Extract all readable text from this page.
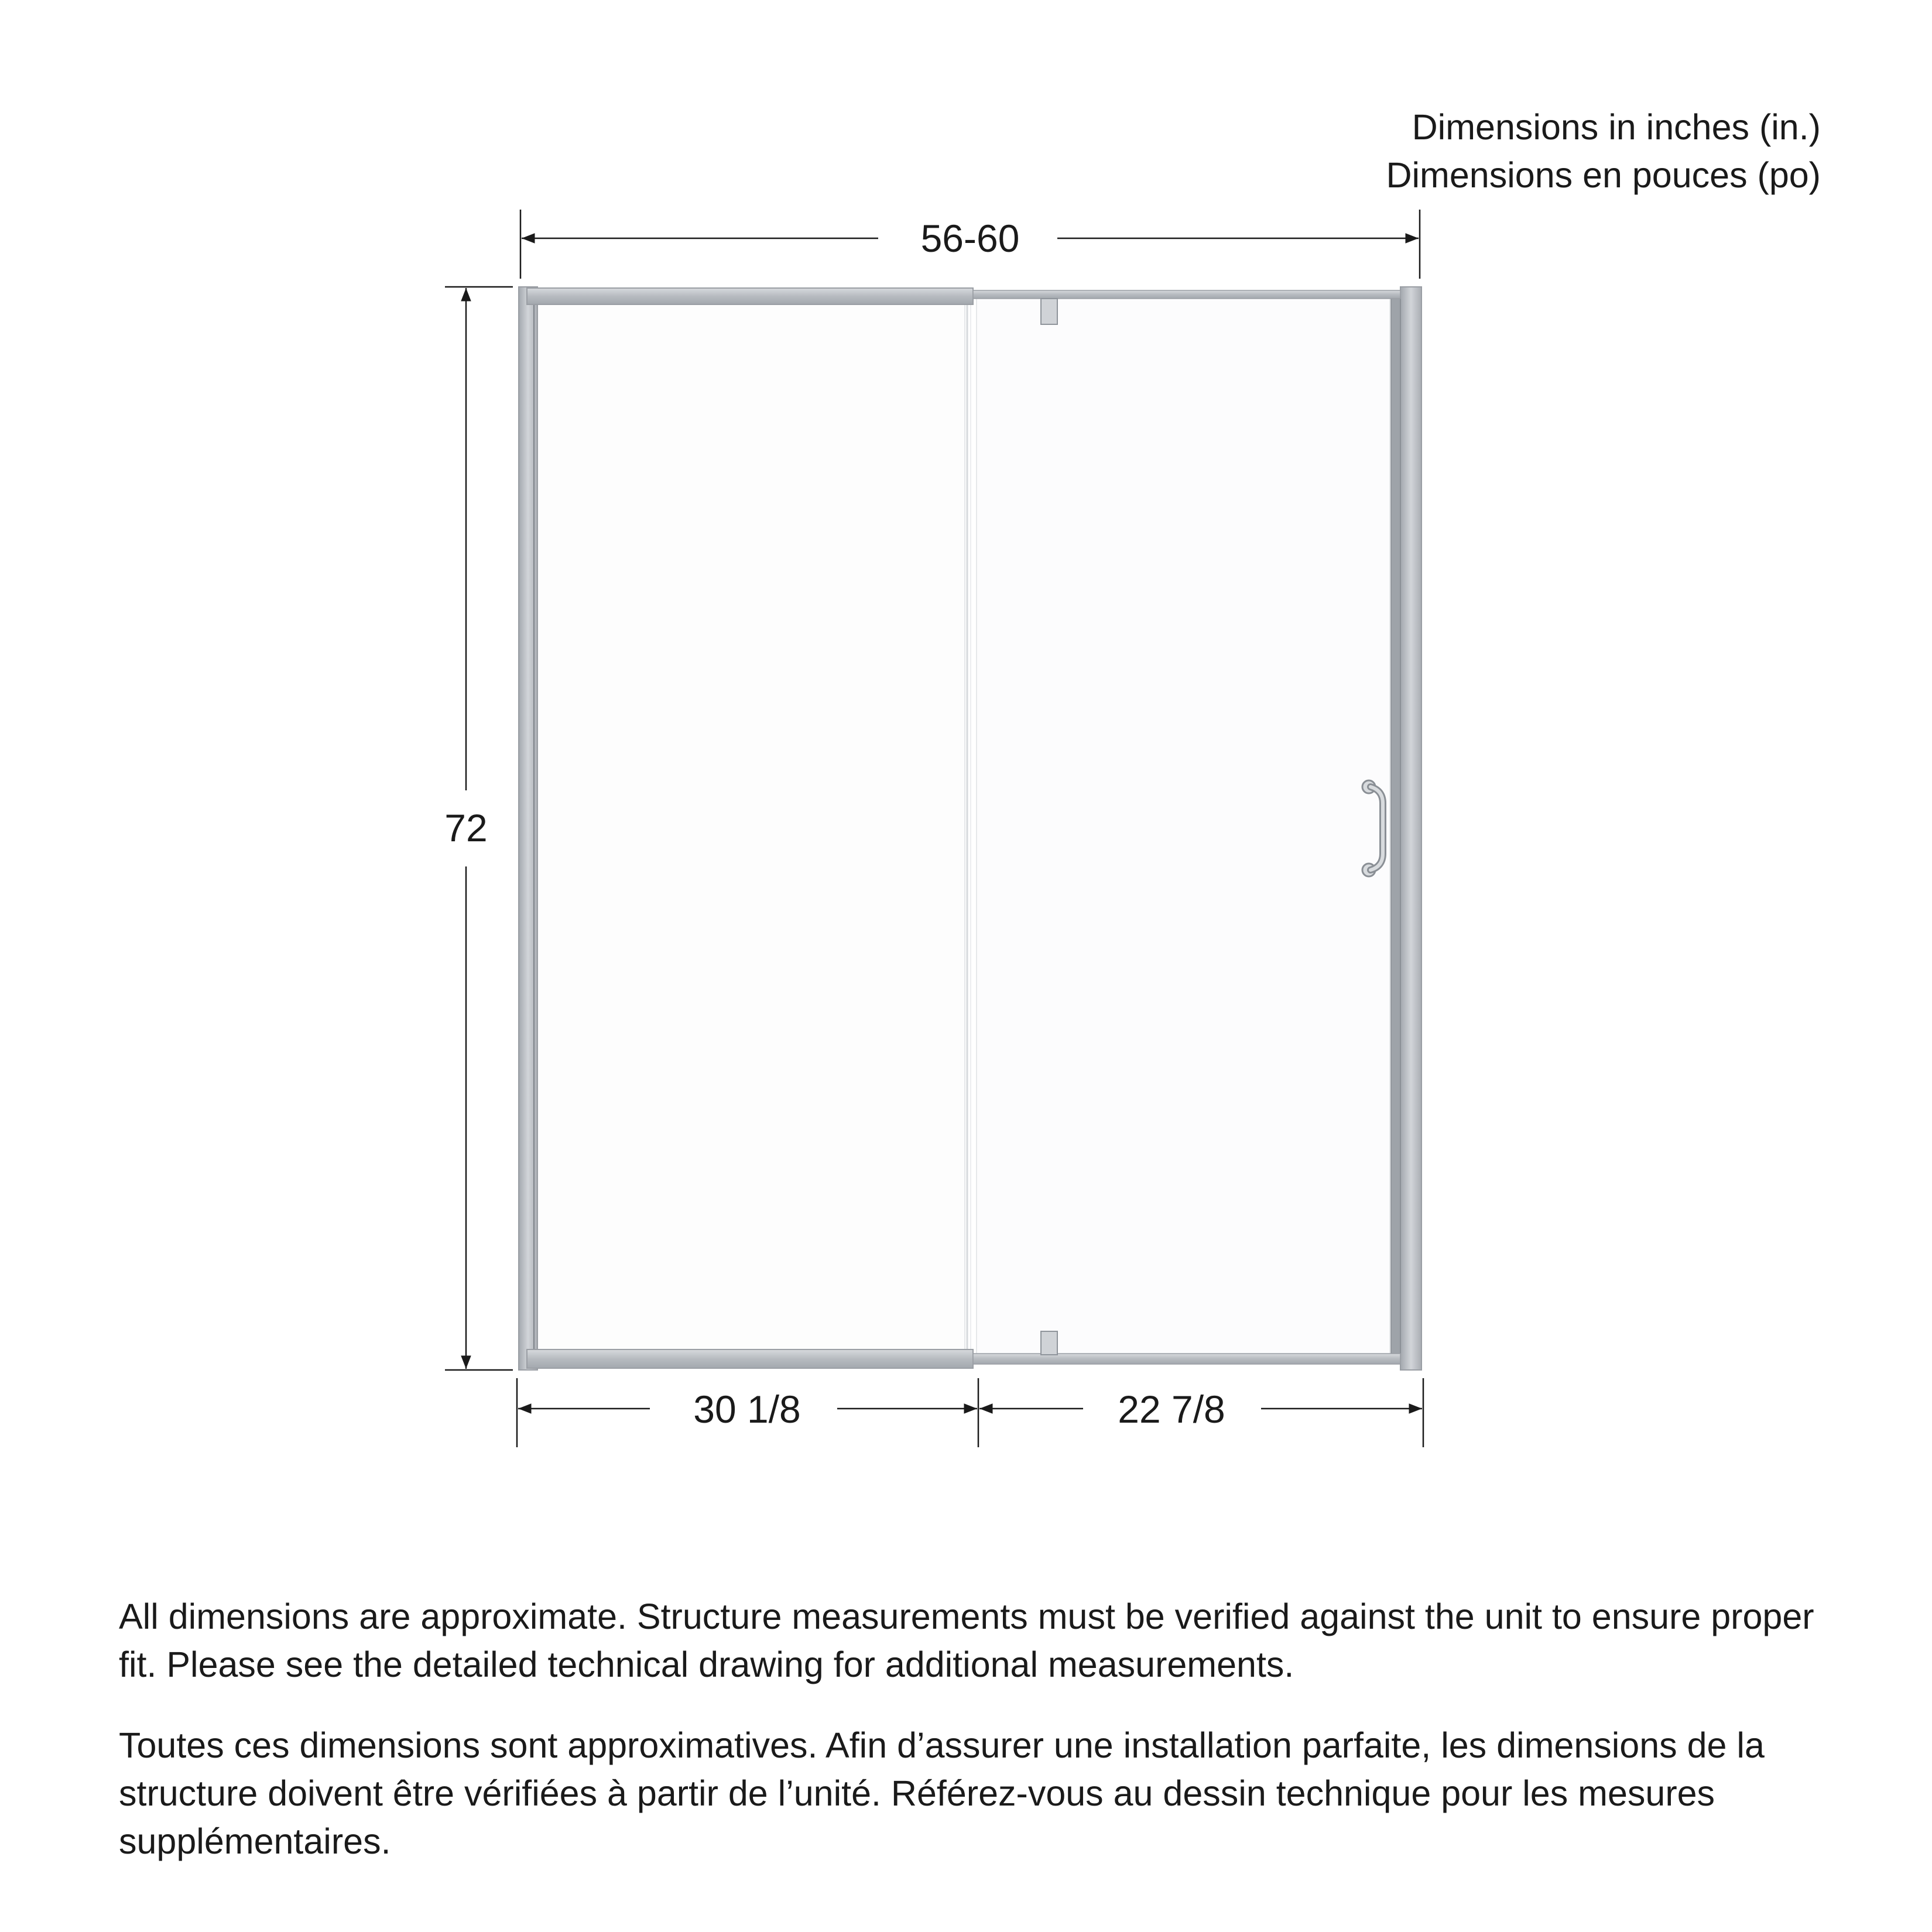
56-60
72
30 1/8	22 7/8
Dimensions in inches (in.)
Dimensions en pouces (po)
All dimensions are approximate. Structure measurements must be verified against the unit to ensure proper fit. Please see the detailed technical drawing for additional measurements.
Toutes ces dimensions sont approximatives. Afin d’assurer une installation parfaite, les dimensions de la structure doivent être vérifiées à partir de l’unité. Référez-vous au dessin technique pour les mesures supplémentaires.
